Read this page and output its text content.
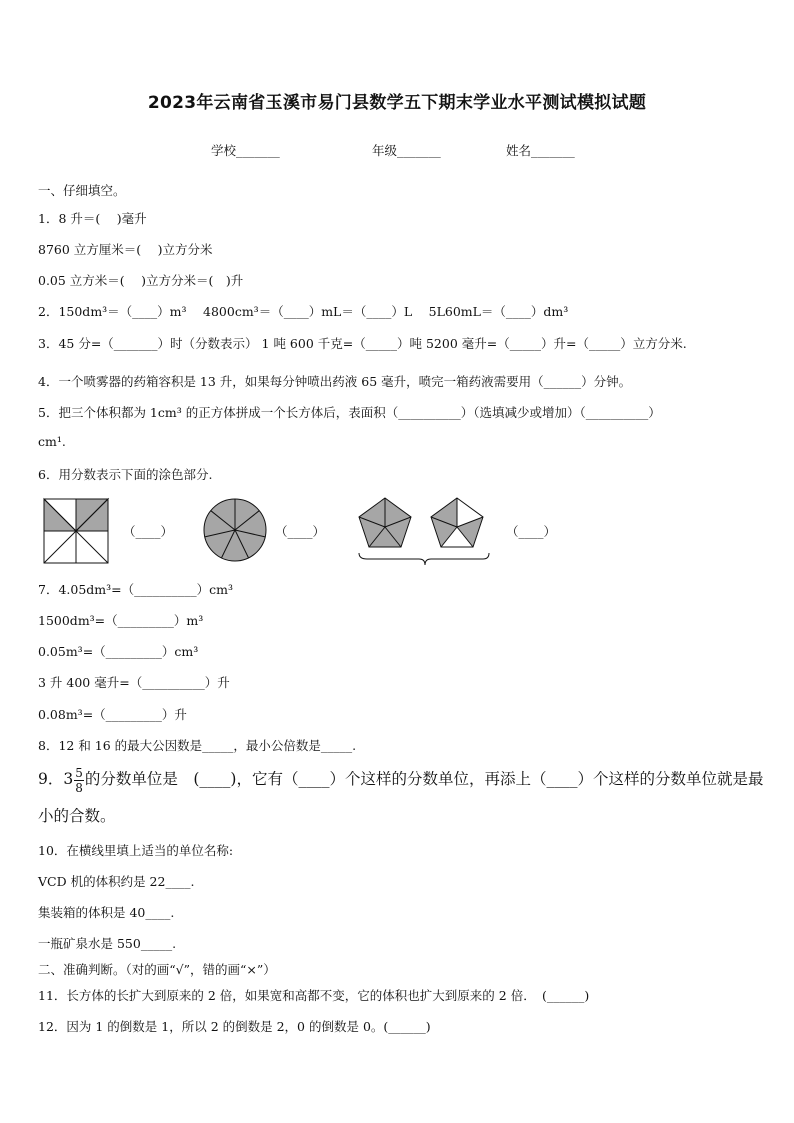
2023年云南省玉溪市易门县数学五下期末学业水平测试模拟试题
学校_______	年级_______	姓名_______
一、仔细填空。
1．8 升＝(　 )毫升
8760 立方厘米＝(　 )立方分米
0.05 立方米＝(　 )立方分米＝(　)升
2．150dm³＝（____）m³　 4800cm³＝（____）mL＝（____）L　 5L60mL＝（____）dm³
3．45 分=（_______）时（分数表示） 1 吨 600 千克=（_____）吨 5200 毫升=（_____）升=（_____）立方分米.
4．一个喷雾器的药箱容积是 13 升，如果每分钟喷出药液 65 毫升，喷完一箱药液需要用（______）分钟。
5．把三个体积都为 1cm³ 的正方体拼成一个长方体后，表面积（__________）（选填减少或增加）（__________）
cm¹.
6．用分数表示下面的涂色部分.
（____）	（____）	（____）
7．4.05dm³=（__________）cm³
1500dm³=（_________）m³
0.05m³=（_________）cm³
3 升 400 毫升=（__________）升
0.08m³=（_________）升
8．12 和 16 的最大公因数是_____，最小公倍数是_____.
9．$3 \frac{5}{8}$ 的分数单位是　(____)，它有（____）个这样的分数单位，再添上（____）个这样的分数单位就是最
小的合数。
10．在横线里填上适当的单位名称:
VCD 机的体积约是 22____.
集装箱的体积是 40____.
一瓶矿泉水是 550_____.
二、准确判断。（对的画“√”，错的画“×”）
11．长方体的长扩大到原来的 2 倍，如果宽和高都不变，它的体积也扩大到原来的 2 倍．　(______)
12．因为 1 的倒数是 1，所以 2 的倒数是 2，0 的倒数是 0。(______)
